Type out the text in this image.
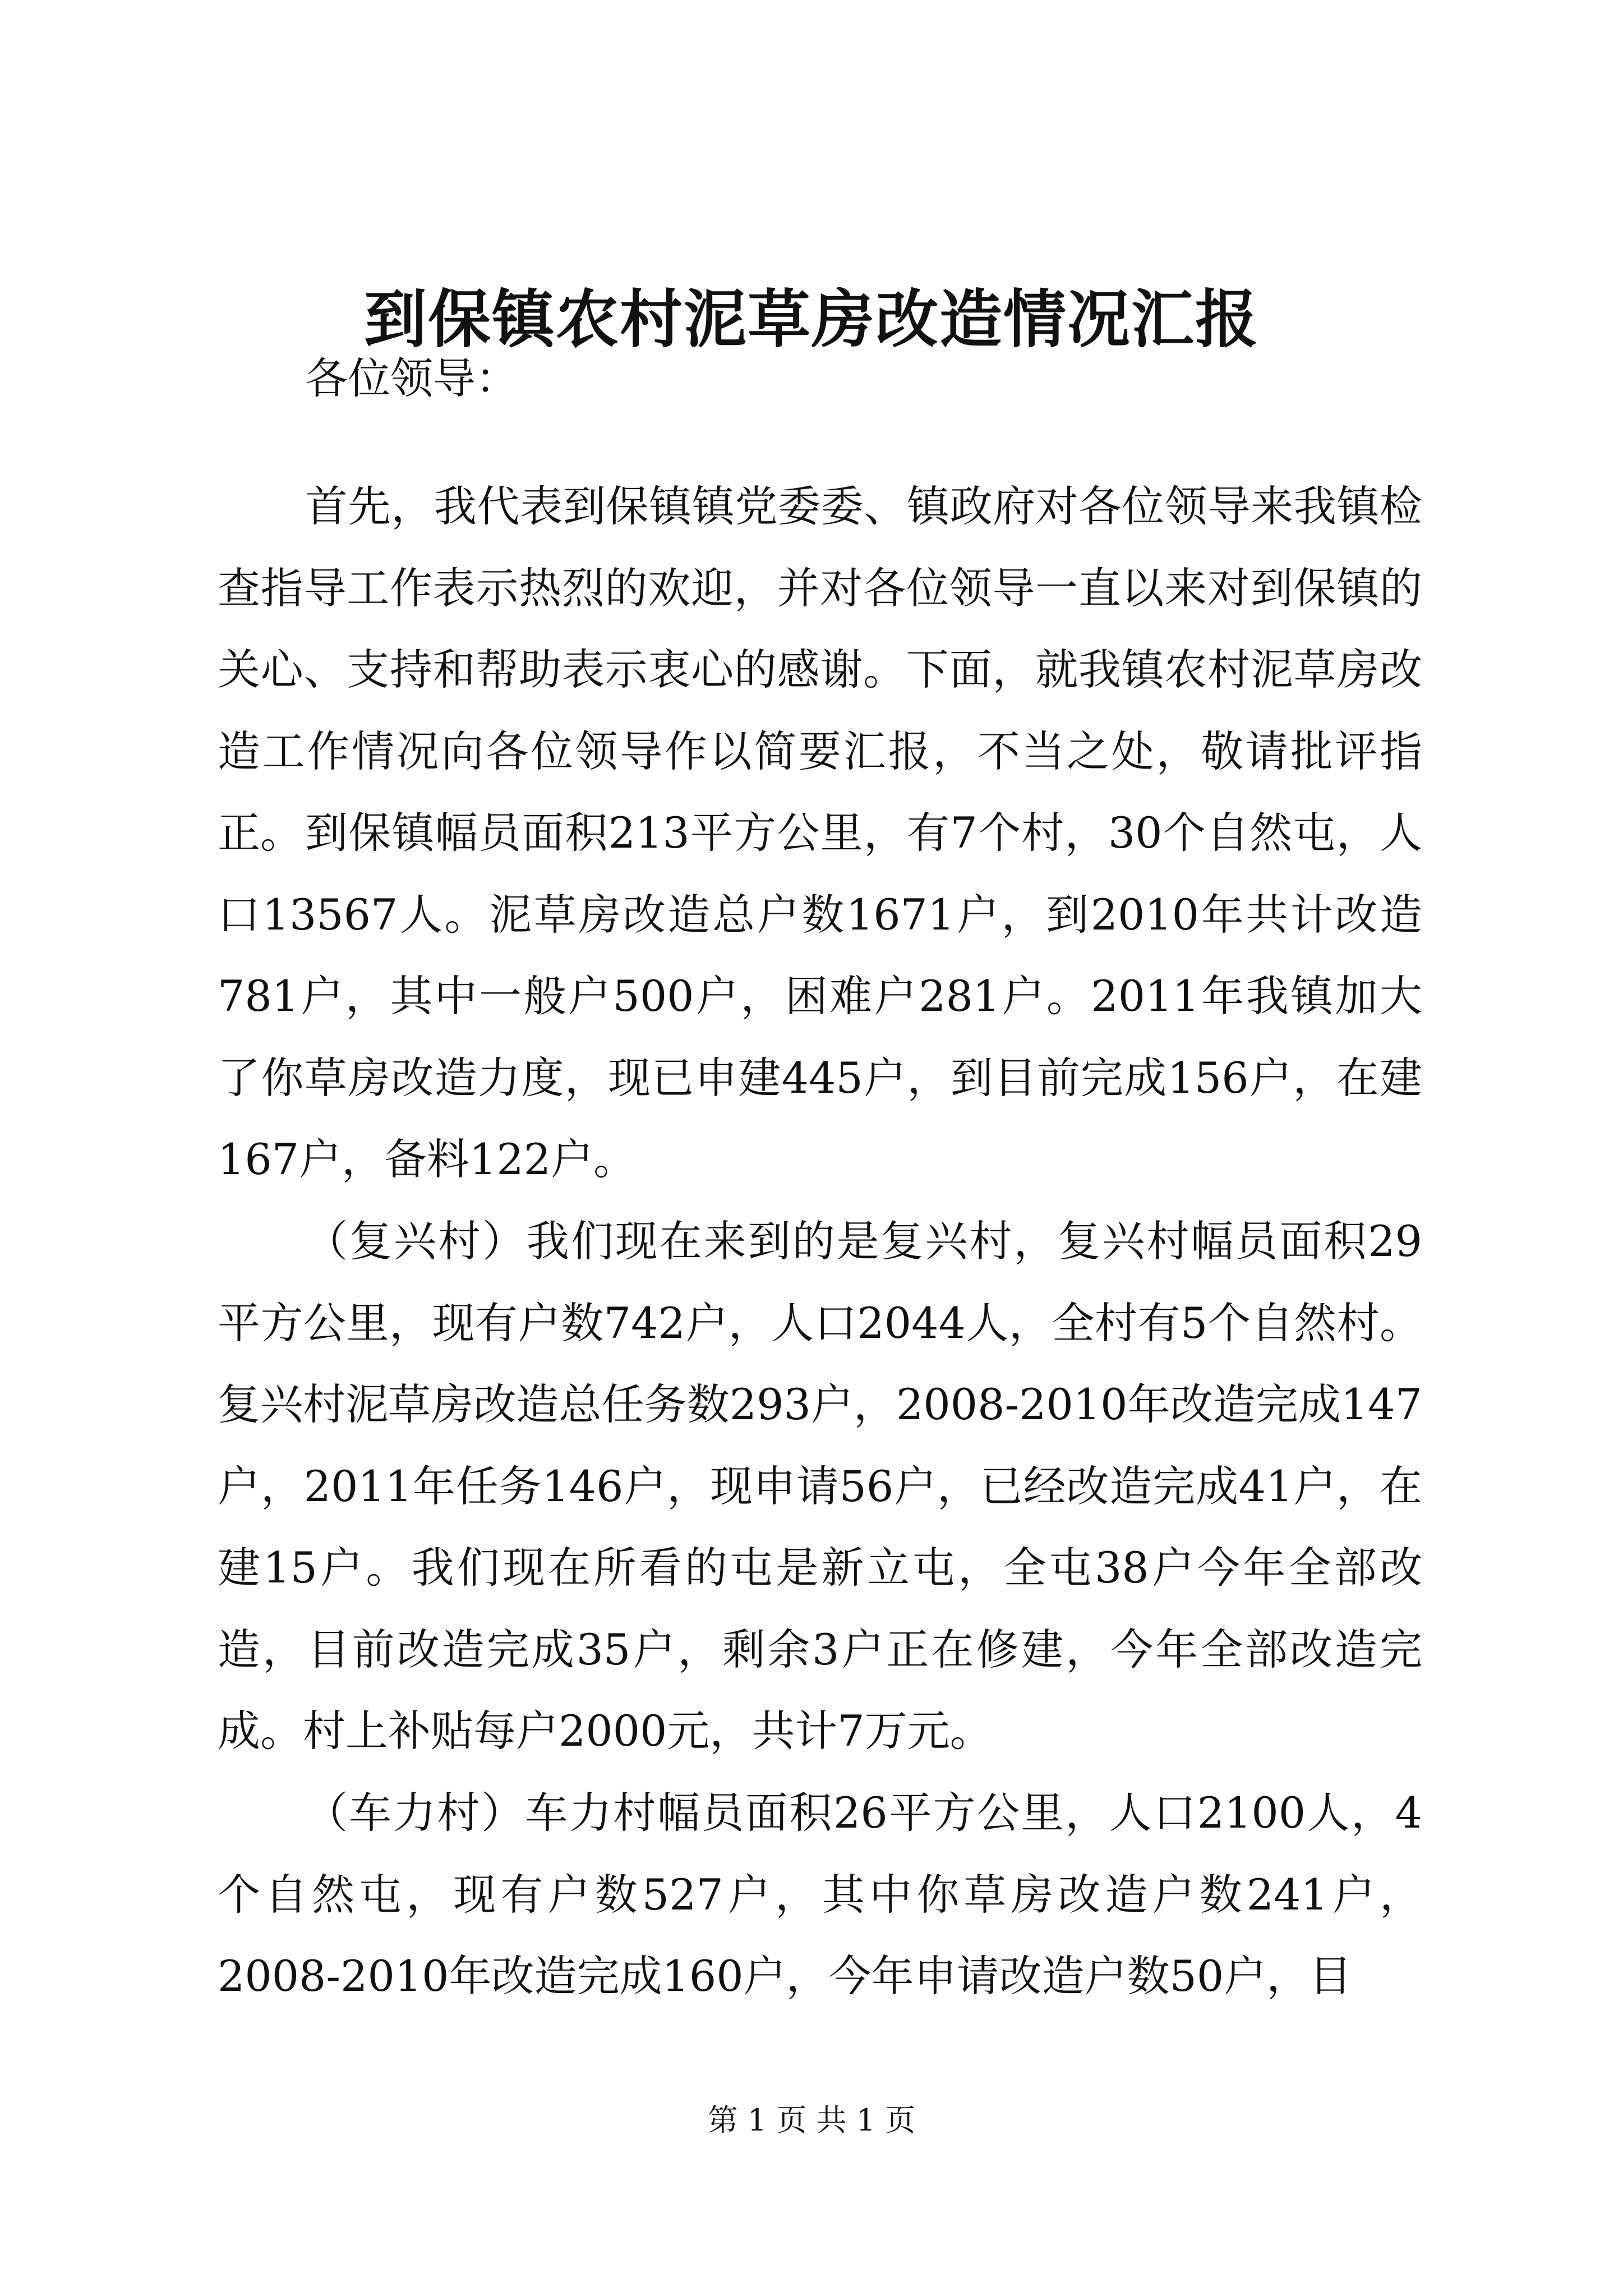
到保镇农村泥草房改造情况汇报
各位领导：

首先，我代表到保镇镇党委委、镇政府对各位领导来我镇检查指导工作表示热烈的欢迎，并对各位领导一直以来对到保镇的关心、支持和帮助表示衷心的感谢。下面，就我镇农村泥草房改造工作情况向各位领导作以简要汇报，不当之处，敬请批评指正。 到保镇幅员面积213平方公里，有7个村，30个自然屯，人口13567人。泥草房改造总户数1671户，到2010年共计改造781户，其中一般户500户，困难户281户。2011年我镇加大了你草房改造力度，现已申建445户，到目前完成156户，在建167户，备料122户。

（复兴村）我们现在来到的是复兴村，复兴村幅员面积29平方公里，现有户数742户，人口2044人，全村有5个自然村。复兴村泥草房改造总任务数293户，2008-2010年改造完成147户，2011年任务146户，现申请56户，已经改造完成41户，在建15户。我们现在所看的屯是新立屯，全屯38户今年全部改造，目前改造完成35户，剩余3户正在修建，今年全部改造完成。村上补贴每户2000元，共计7万元。

（车力村）车力村幅员面积26平方公里，人口2100人，4个自然屯，现有户数527户，其中你草房改造户数241户，2008-2010年改造完成160户，今年申请改造户数50户，目

第 1 页 共 1 页
